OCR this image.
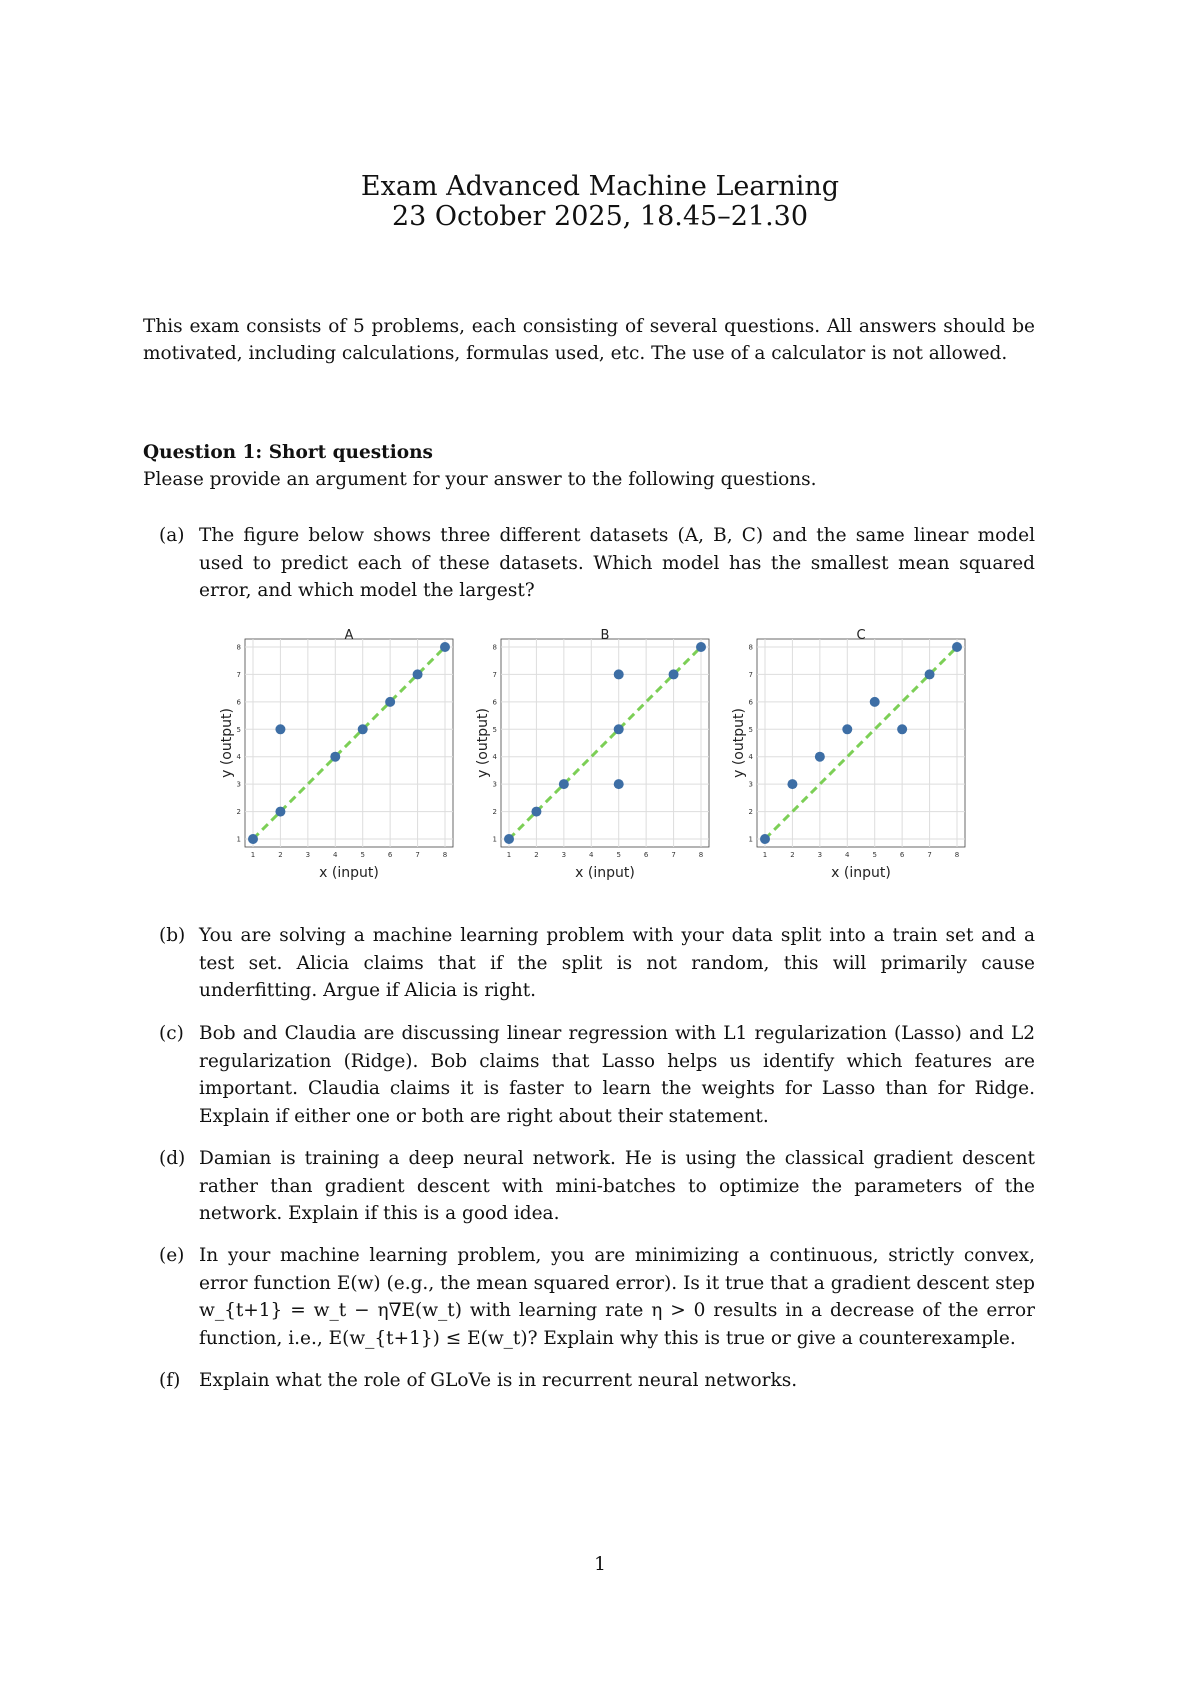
Exam Advanced Machine Learning
23 October 2025, 18.45–21.30
This exam consists of 5 problems, each consisting of several questions. All answers should be motivated, including calculations, formulas used, etc. The use of a calculator is not allowed.
Question 1: Short questions
Please provide an argument for your answer to the following questions.
(a) The figure below shows three different datasets (A, B, C) and the same linear model used to predict each of these datasets. Which model has the smallest mean squared error, and which model the largest?
1	2	3	4	5	6	7	8
1
2
3
4
5
6
7
8
A
x (input)
y (output)
1	2	3	4	5	6	7	8
1
2
3
4
5
6
7
8
B
x (input)
y (output)
1	2	3	4	5	6	7	8
1
2
3
4
5
6
7
8
C
x (input)
y (output)
(b) You are solving a machine learning problem with your data split into a train set and a test set. Alicia claims that if the split is not random, this will primarily cause underfitting. Argue if Alicia is right.
(c) Bob and Claudia are discussing linear regression with L1 regularization (Lasso) and L2 regularization (Ridge). Bob claims that Lasso helps us identify which features are important. Claudia claims it is faster to learn the weights for Lasso than for Ridge. Explain if either one or both are right about their statement.
(d) Damian is training a deep neural network. He is using the classical gradient descent rather than gradient descent with mini-batches to optimize the parameters of the network. Explain if this is a good idea.
(e) In your machine learning problem, you are minimizing a continuous, strictly convex, error function E(w) (e.g., the mean squared error). Is it true that a gradient descent step w_{t+1} = w_t − η∇E(w_t) with learning rate η > 0 results in a decrease of the error function, i.e., E(w_{t+1}) ≤ E(w_t)? Explain why this is true or give a counterexample.
(f)	Explain what the role of GLoVe is in recurrent neural networks.
1
